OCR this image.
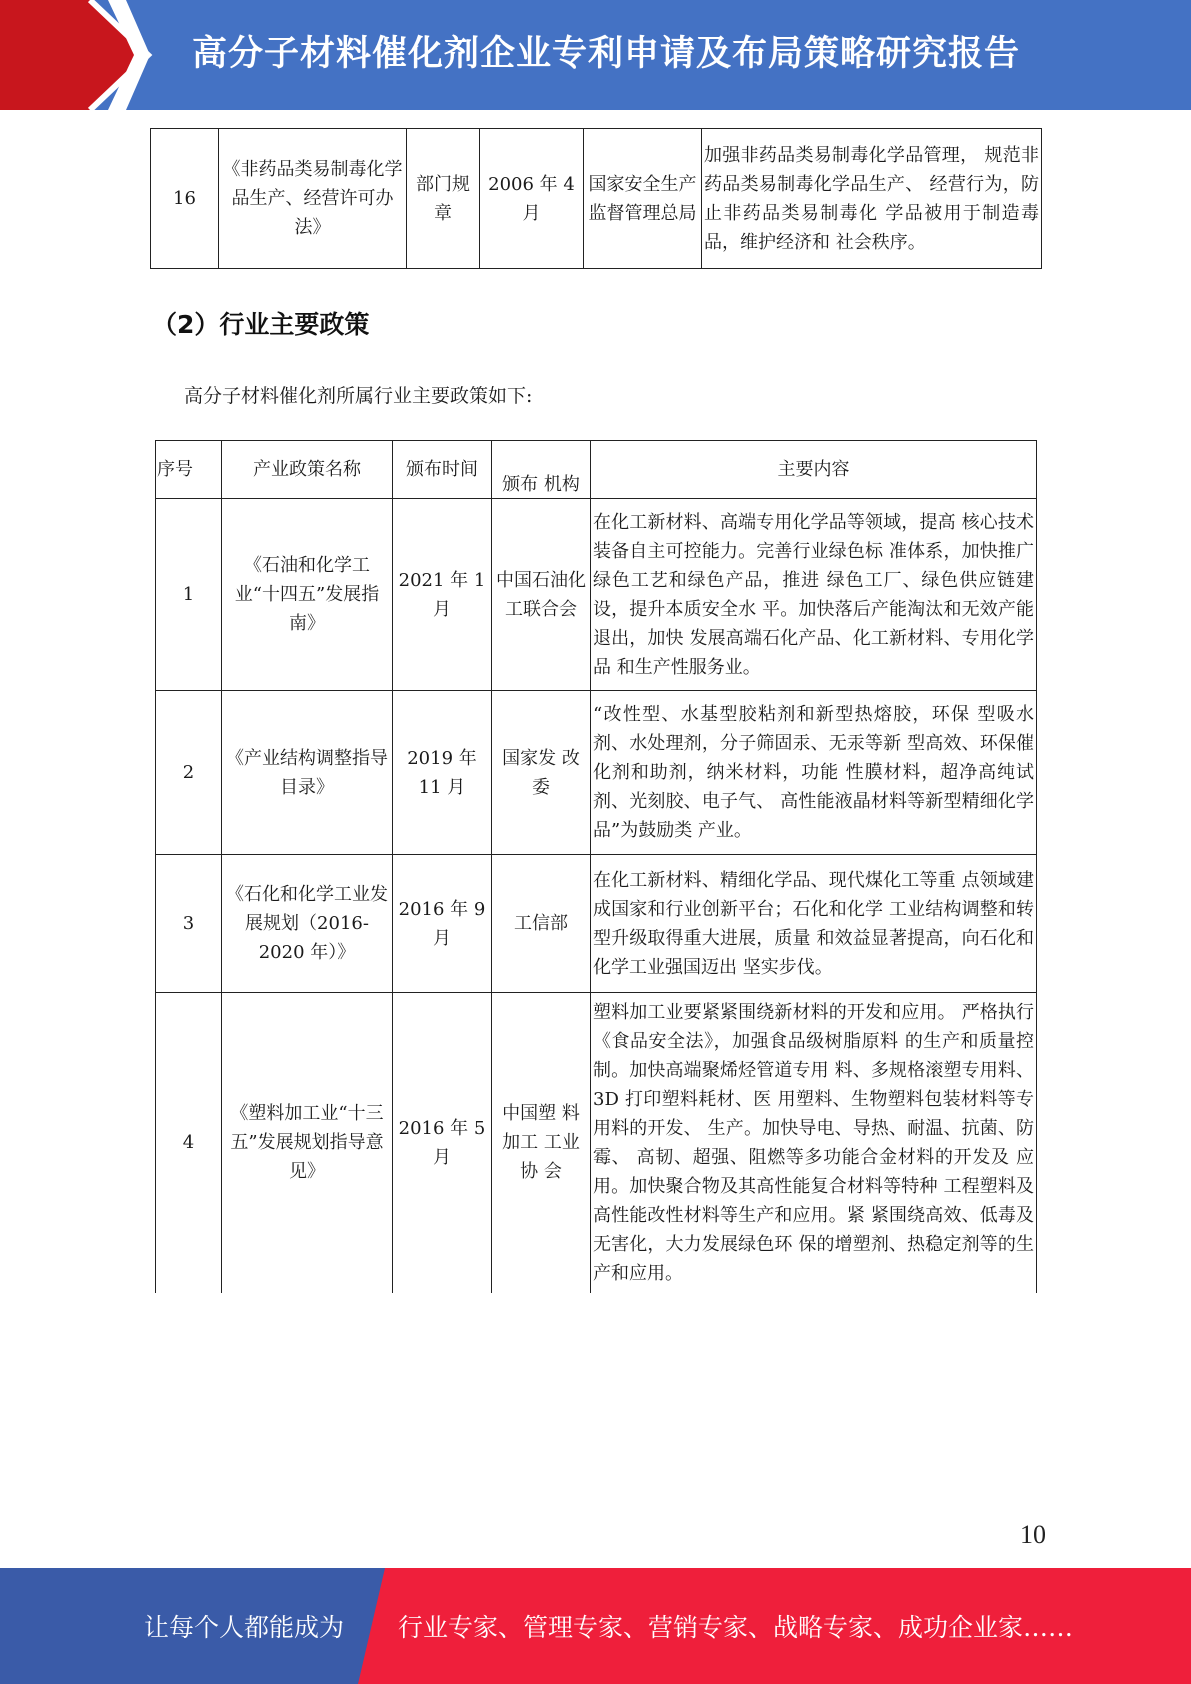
高分子材料催化剂企业专利申请及布局策略研究报告
16	《非药品类易制毒化学品生产、经营许可办法》	部门规章	2006 年 4 月	国家安全生产监督管理总局	加强非药品类易制毒化学品管理， 规范非药品类易制毒化学品生产、 经营行为，防止非药品类易制毒化 学品被用于制造毒品，维护经济和 社会秩序。
（2）行业主要政策
高分子材料催化剂所属行业主要政策如下:
序号	产业政策名称	颁布时间	颁布 机构	主要内容
1	《石油和化学工业“十四五”发展指南》	2021 年 1月	中国石油化工联合会	在化工新材料、高端专用化学品等领域，提高 核心技术装备自主可控能力。完善行业绿色标 准体系，加快推广绿色工艺和绿色产品，推进 绿色工厂、绿色供应链建设，提升本质安全水 平。加快落后产能淘汰和无效产能退出，加快 发展高端石化产品、化工新材料、专用化学品 和生产性服务业。
2	《产业结构调整指导目录》	2019 年 11 月	国家发 改委	“改性型、水基型胶粘剂和新型热熔胶，环保 型吸水剂、水处理剂，分子筛固汞、无汞等新 型高效、环保催化剂和助剂，纳米材料，功能 性膜材料，超净高纯试剂、光刻胶、电子气、 高性能液晶材料等新型精细化学品”为鼓励类 产业。
3	《石化和化学工业发展规划（2016-2020 年）》	2016 年 9月	工信部	在化工新材料、精细化学品、现代煤化工等重 点领域建成国家和行业创新平台；石化和化学 工业结构调整和转型升级取得重大进展，质量 和效益显著提高，向石化和化学工业强国迈出 坚实步伐。
4	《塑料加工业“十三五”发展规划指导意见》	2016 年 5月	中国塑 料加工 工业协 会	塑料加工业要紧紧围绕新材料的开发和应用。 严格执行《食品安全法》，加强食品级树脂原料 的生产和质量控制。加快高端聚烯烃管道专用 料、多规格滚塑专用料、3D 打印塑料耗材、医 用塑料、生物塑料包装材料等专用料的开发、 生产。加快导电、导热、耐温、抗菌、防霉、 高韧、超强、阻燃等多功能合金材料的开发及 应用。加快聚合物及其高性能复合材料等特种 工程塑料及高性能改性材料等生产和应用。紧 紧围绕高效、低毒及无害化，大力发展绿色环 保的增塑剂、热稳定剂等的生产和应用。
10
让每个人都能成为 行业专家、管理专家、营销专家、战略专家、成功企业家……
